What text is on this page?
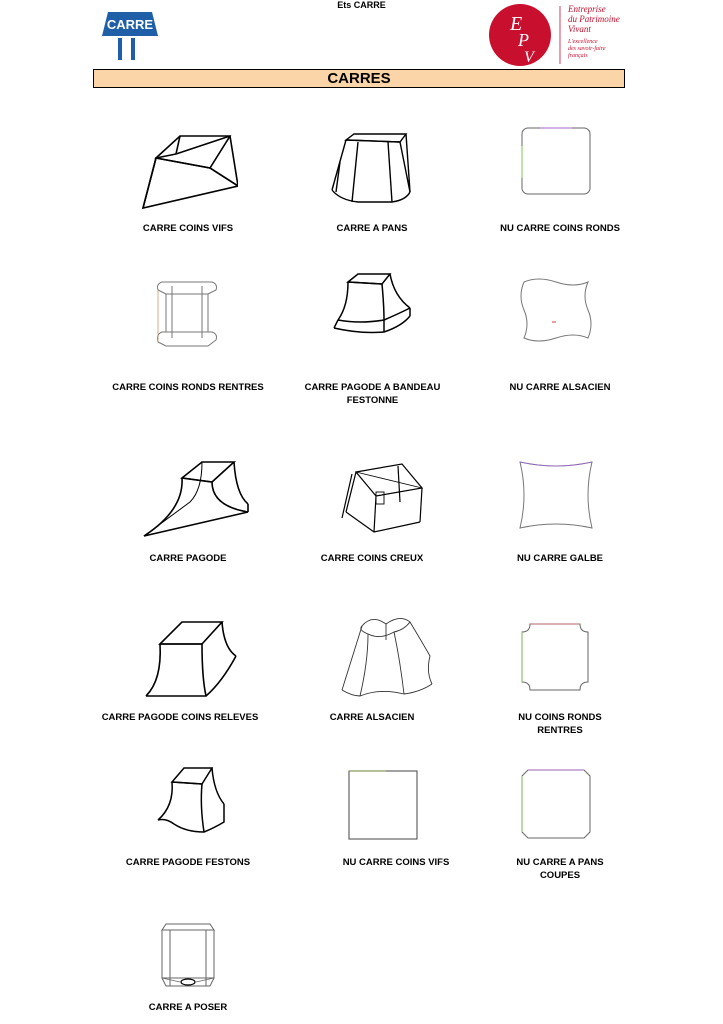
Ets CARRE
CARRE	E
P
V
Entreprise
du Patrimoine
Vivant
L'excellence
des savoir-faire
français
CARRES
CARRE COINS VIFS	CARRE A PANS	NU CARRE COINS RONDS
CARRE COINS RONDS RENTRES	CARRE PAGODE A BANDEAU FESTONNE
NU CARRE ALSACIEN
CARRE PAGODE	CARRE COINS CREUX	NU CARRE GALBE
CARRE PAGODE COINS RELEVES	CARRE ALSACIEN	NU COINS RONDS RENTRES
CARRE PAGODE FESTONS	NU CARRE COINS VIFS	NU CARRE A PANS COUPES
CARRE A POSER
